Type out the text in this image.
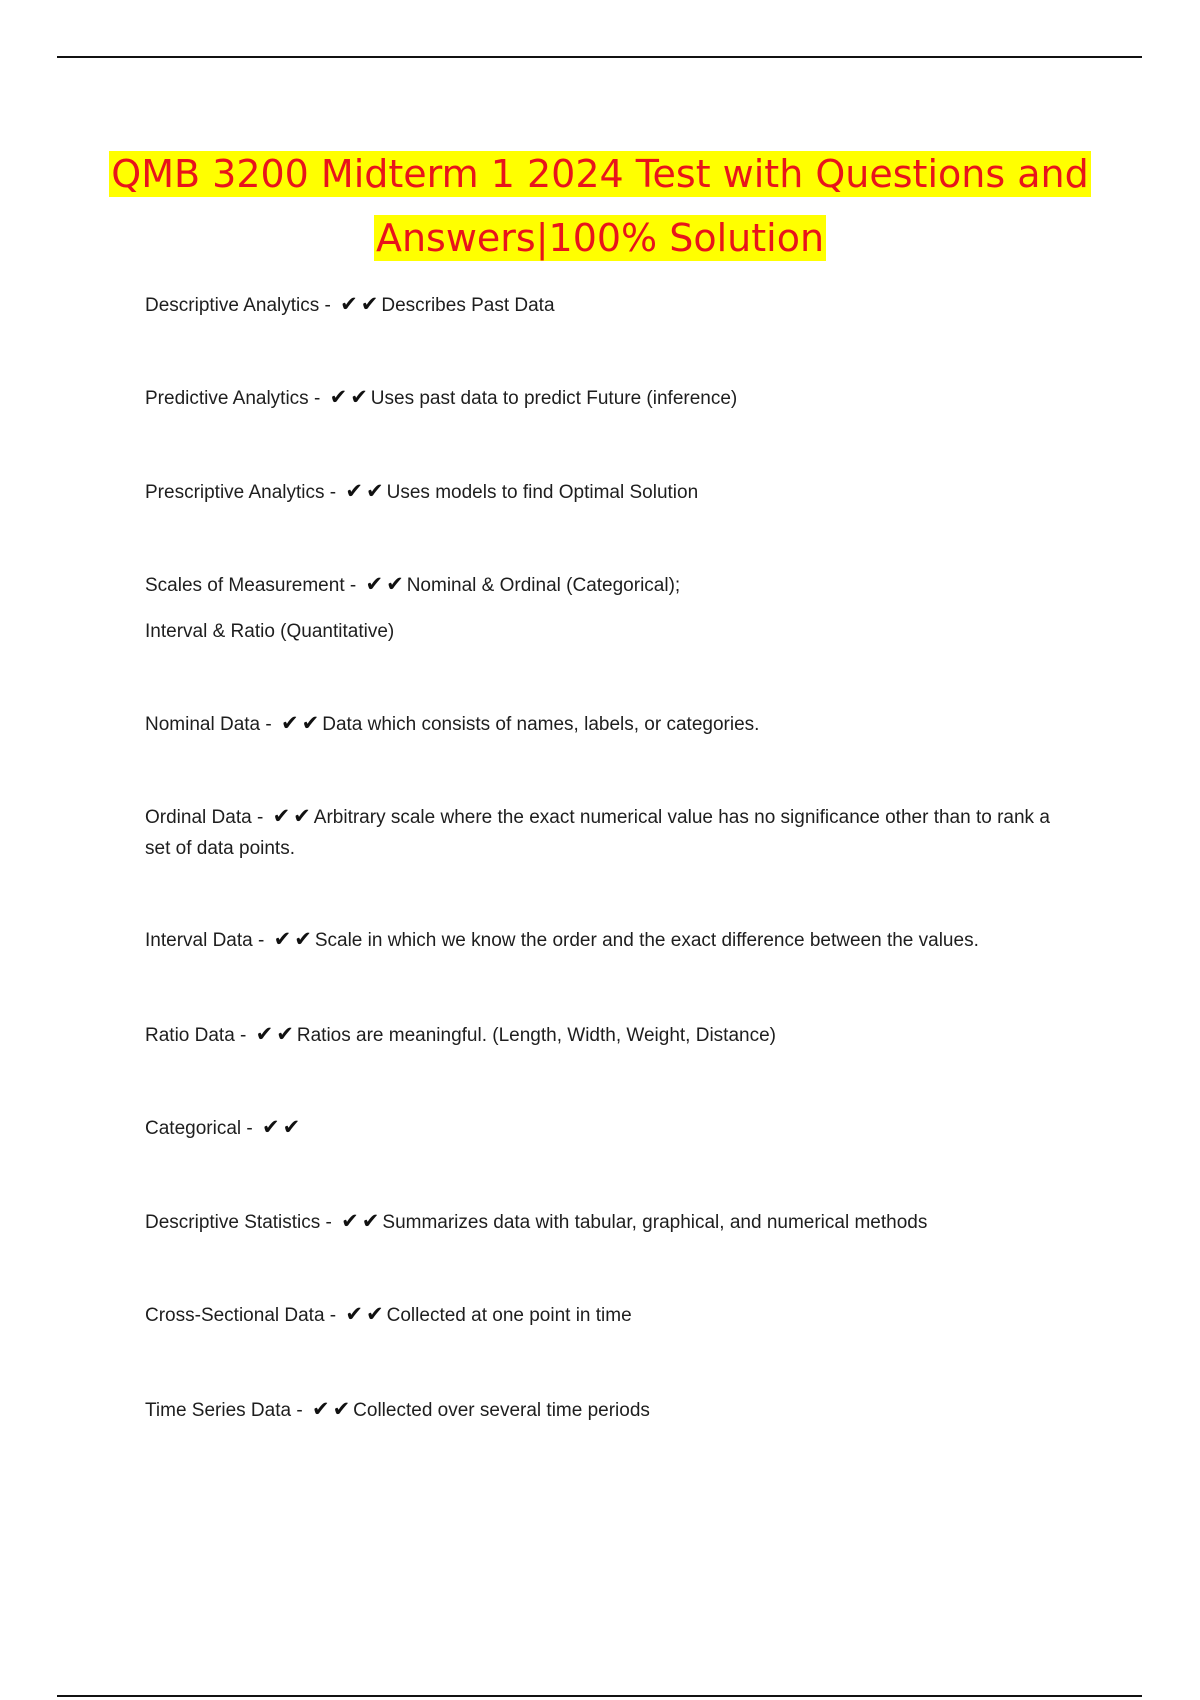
QMB 3200 Midterm 1 2024 Test with Questions and Answers|100% Solution
Descriptive Analytics - ✔ ✔ Describes Past Data
Predictive Analytics - ✔ ✔ Uses past data to predict Future (inference)
Prescriptive Analytics - ✔ ✔ Uses models to find Optimal Solution
Scales of Measurement - ✔ ✔ Nominal & Ordinal (Categorical);
Interval & Ratio (Quantitative)
Nominal Data - ✔ ✔ Data which consists of names, labels, or categories.
Ordinal Data - ✔ ✔ Arbitrary scale where the exact numerical value has no significance other than to rank a set of data points.
Interval Data - ✔ ✔ Scale in which we know the order and the exact difference between the values.
Ratio Data - ✔ ✔ Ratios are meaningful. (Length, Width, Weight, Distance)
Categorical - ✔ ✔
Descriptive Statistics - ✔ ✔ Summarizes data with tabular, graphical, and numerical methods
Cross-Sectional Data - ✔ ✔ Collected at one point in time
Time Series Data - ✔ ✔ Collected over several time periods
